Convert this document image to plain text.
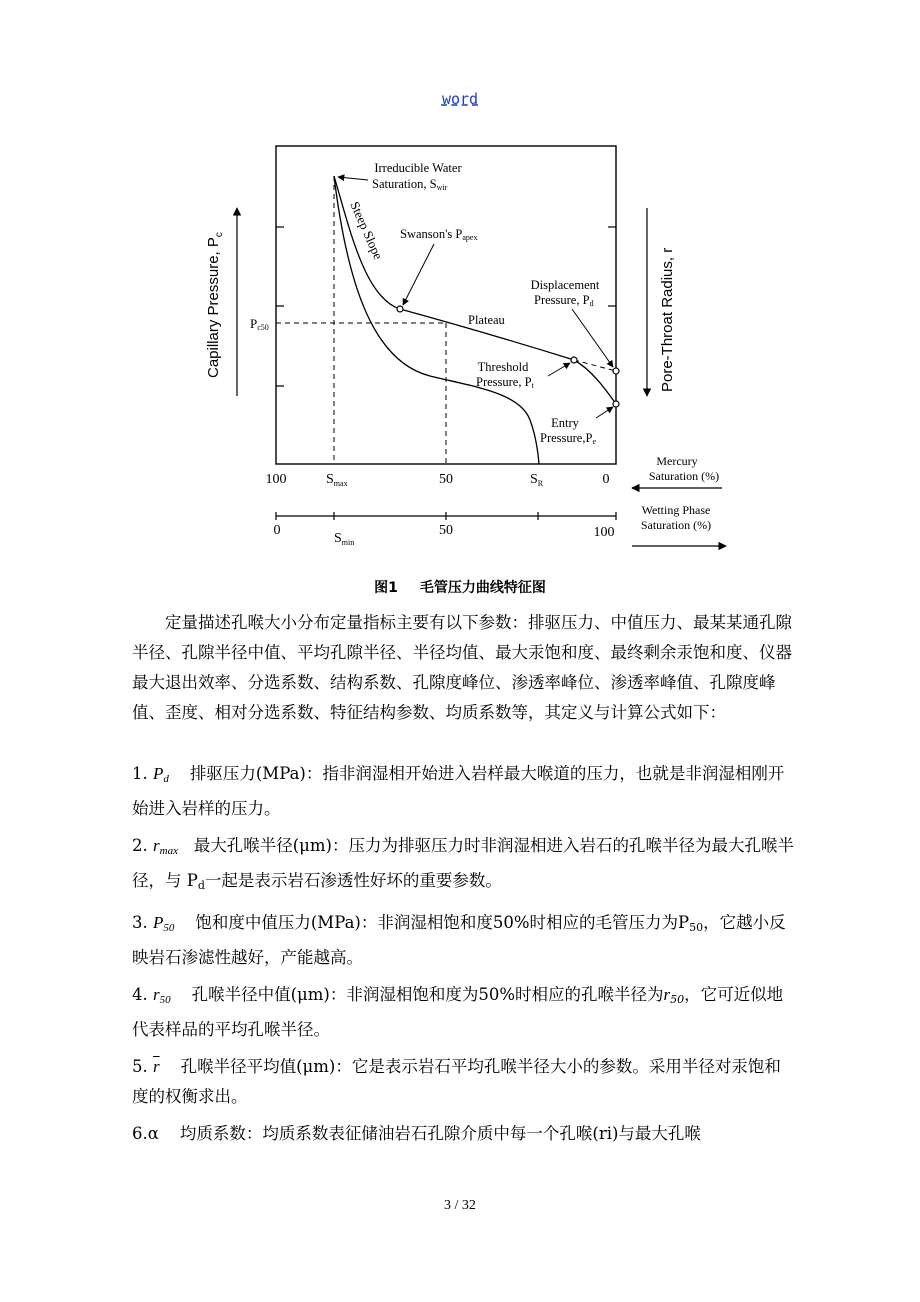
word
Irreducible Water
Saturation, Swir
Steep Slope Swanson's Papex
Plateau
Displacement
Pressure, Pd
Threshold
Pressure, Pt
Entry
Pressure,Pe
Capillary Pressure, $P_c$
Pore-Throat Radius, r
Pc50
100	$S_{max}$	50	$S_R$	0
Mercury
Saturation (%)
0	50	100
$S_{min}$
Wetting Phase
Saturation (%)
图1 毛管压力曲线特征图

定量描述孔喉大小分布定量指标主要有以下参数：排驱压力、中值压力、最某某通孔隙半径、孔隙半径中值、平均孔隙半径、半径均值、最大汞饱和度、最终剩余汞饱和度、仪器最大退出效率、分选系数、结构系数、孔隙度峰位、渗透率峰位、渗透率峰值、孔隙度峰值、歪度、相对分选系数、特征结构参数、均质系数等，其定义与计算公式如下：

1. $P_d$ 排驱压力(MPa)：指非润湿相开始进入岩样最大喉道的压力，也就是非润湿相刚开始进入岩样的压力。

2. $r_{max}$ 最大孔喉半径(μm)：压力为排驱压力时非润湿相进入岩石的孔喉半径为最大孔喉半径，与 Pd一起是表示岩石渗透性好坏的重要参数。

3. $P_{50}$ 饱和度中值压力(MPa)：非润湿相饱和度50%时相应的毛管压力为P50，它越小反映岩石渗滤性越好，产能越高。

4. $r_{50}$ 孔喉半径中值(μm)：非润湿相饱和度为50%时相应的孔喉半径为$r_{50}$，它可近似地代表样品的平均孔喉半径。

5. $\overline{r}$ 孔喉半径平均值(μm)：它是表示岩石平均孔喉半径大小的参数。采用半径对汞饱和度的权衡求出。

6.α 均质系数：均质系数表征储油岩石孔隙介质中每一个孔喉(ri)与最大孔喉

3 / 32
